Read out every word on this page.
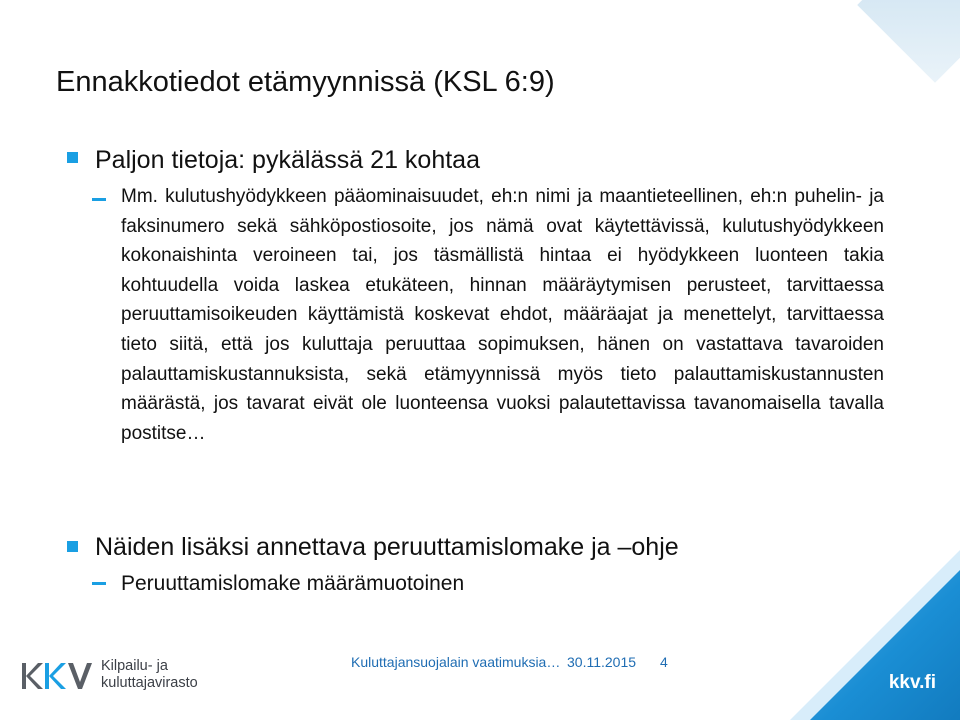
Ennakkotiedot etämyynnissä (KSL 6:9)
Paljon tietoja: pykälässä 21 kohtaa
Mm. kulutushyödykkeen pääominaisuudet, eh:n nimi ja maantieteellinen, eh:n puhelin- ja faksinumero sekä sähköpostiosoite, jos nämä ovat käytettävissä, kulutushyödykkeen kokonaishinta veroineen tai, jos täsmällistä hintaa ei hyödykkeen luonteen takia kohtuudella voida laskea etukäteen, hinnan määräytymisen perusteet, tarvittaessa peruuttamisoikeuden käyttämistä koskevat ehdot, määräajat ja menettelyt, tarvittaessa tieto siitä, että jos kuluttaja peruuttaa sopimuksen, hänen on vastattava tavaroiden palauttamiskustannuksista, sekä etämyynnissä myös tieto palauttamiskustannusten määrästä, jos tavarat eivät ole luonteensa vuoksi palautettavissa tavanomaisella tavalla postitse…
Näiden lisäksi annettava peruuttamislomake ja –ohje
Peruuttamislomake määrämuotoinen
Kilpailu- ja
kuluttajavirasto
Kuluttajansuojalain vaatimuksia… 30.11.2015 4
kkv.fi
